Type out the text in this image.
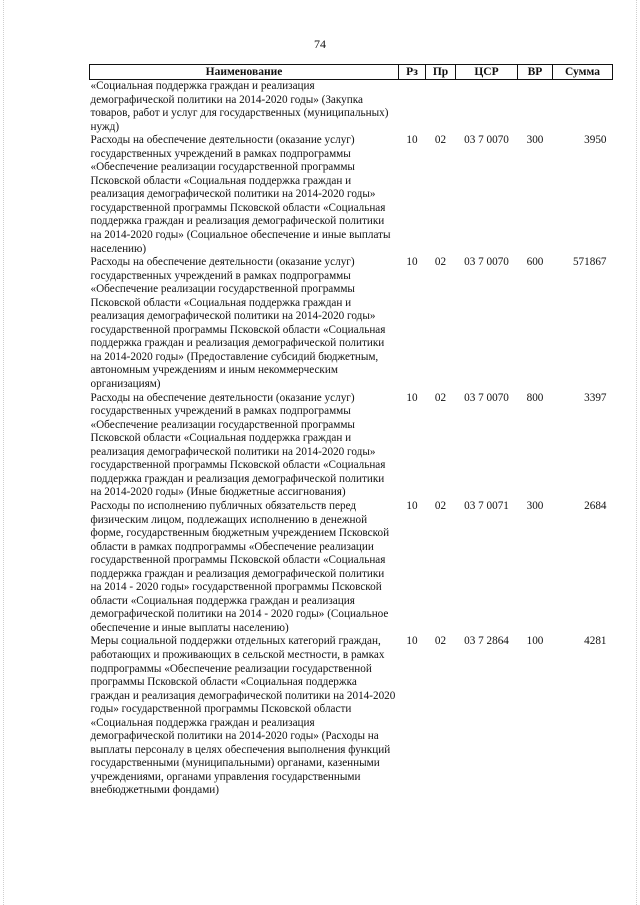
74
Наименование	Рз	Пр	ЦСР	ВР	Сумма
«Социальная поддержка граждан и реализация демографической политики на 2014-2020 годы» (Закупка товаров, работ и услуг для государственных (муниципальных) нужд)					
Расходы на обеспечение деятельности (оказание услуг) государственных учреждений в рамках подпрограммы «Обеспечение реализации государственной программы Псковской области «Социальная поддержка граждан и реализация демографической политики на 2014-2020 годы» государственной программы Псковской области «Социальная поддержка граждан и реализация демографической политики на 2014-2020 годы» (Социальное обеспечение и иные выплаты населению)	10	02	03 7 0070	300	3950
Расходы на обеспечение деятельности (оказание услуг) государственных учреждений в рамках подпрограммы «Обеспечение реализации государственной программы Псковской области «Социальная поддержка граждан и реализация демографической политики на 2014-2020 годы» государственной программы Псковской области «Социальная поддержка граждан и реализация демографической политики на 2014-2020 годы» (Предоставление субсидий бюджетным, автономным учреждениям и иным некоммерческим организациям)	10	02	03 7 0070	600	571867
Расходы на обеспечение деятельности (оказание услуг) государственных учреждений в рамках подпрограммы «Обеспечение реализации государственной программы Псковской области «Социальная поддержка граждан и реализация демографической политики на 2014-2020 годы» государственной программы Псковской области «Социальная поддержка граждан и реализация демографической политики на 2014-2020 годы» (Иные бюджетные ассигнования)	10	02	03 7 0070	800	3397
Расходы по исполнению публичных обязательств перед физическим лицом, подлежащих исполнению в денежной форме, государственным бюджетным учреждением Псковской области в рамках подпрограммы «Обеспечение реализации государственной программы Псковской области «Социальная поддержка граждан и реализация демографической политики на 2014 - 2020 годы» государственной программы Псковской области «Социальная поддержка граждан и реализация демографической политики на 2014 - 2020 годы» (Социальное обеспечение и иные выплаты населению)	10	02	03 7 0071	300	2684
Меры социальной поддержки отдельных категорий граждан, работающих и проживающих в сельской местности, в рамках подпрограммы «Обеспечение реализации государственной программы Псковской области «Социальная поддержка граждан и реализация демографической политики на 2014-2020 годы» государственной программы Псковской области «Социальная поддержка граждан и реализация демографической политики на 2014-2020 годы» (Расходы на выплаты персоналу в целях обеспечения выполнения функций государственными (муниципальными) органами, казенными учреждениями, органами управления государственными внебюджетными фондами)	10	02	03 7 2864	100	4281
